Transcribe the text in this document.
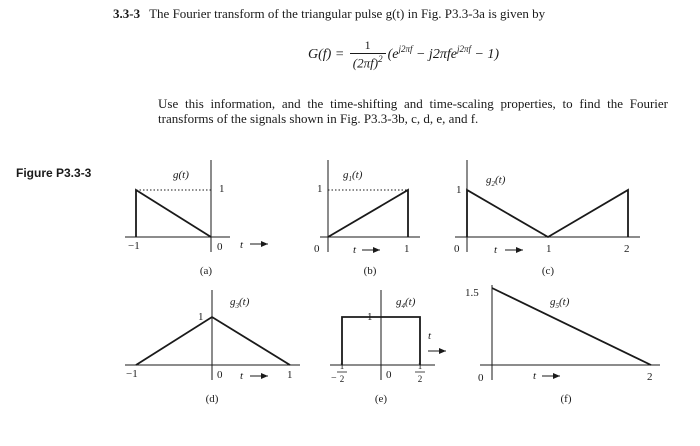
3.3-3 The Fourier transform of the triangular pulse g(t) in Fig. P3.3-3a is given by
$G(f) = \frac{1}{(2\pi f)^2} (e^{j2\pi f} - j2\pi fe^{j2\pi f} - 1)$
Use this information, and the time-shifting and time-scaling properties, to find the Fourier transforms of the signals shown in Fig. P3.3-3b, c, d, e, and f.
Figure P3.3-3	g(t)
1
−1	0 t
(a)
$g_1(t)$
1
0	t	1
(b)
$g_2(t)$
1
0	t	1	2
(c)
$g_3(t)$
1
−1	0 t	1
(d)
$g_4(t)$
1
0
t
−
1
2
1
2
(e)
$g_5(t)$
1.5
0	t	2
(f)
